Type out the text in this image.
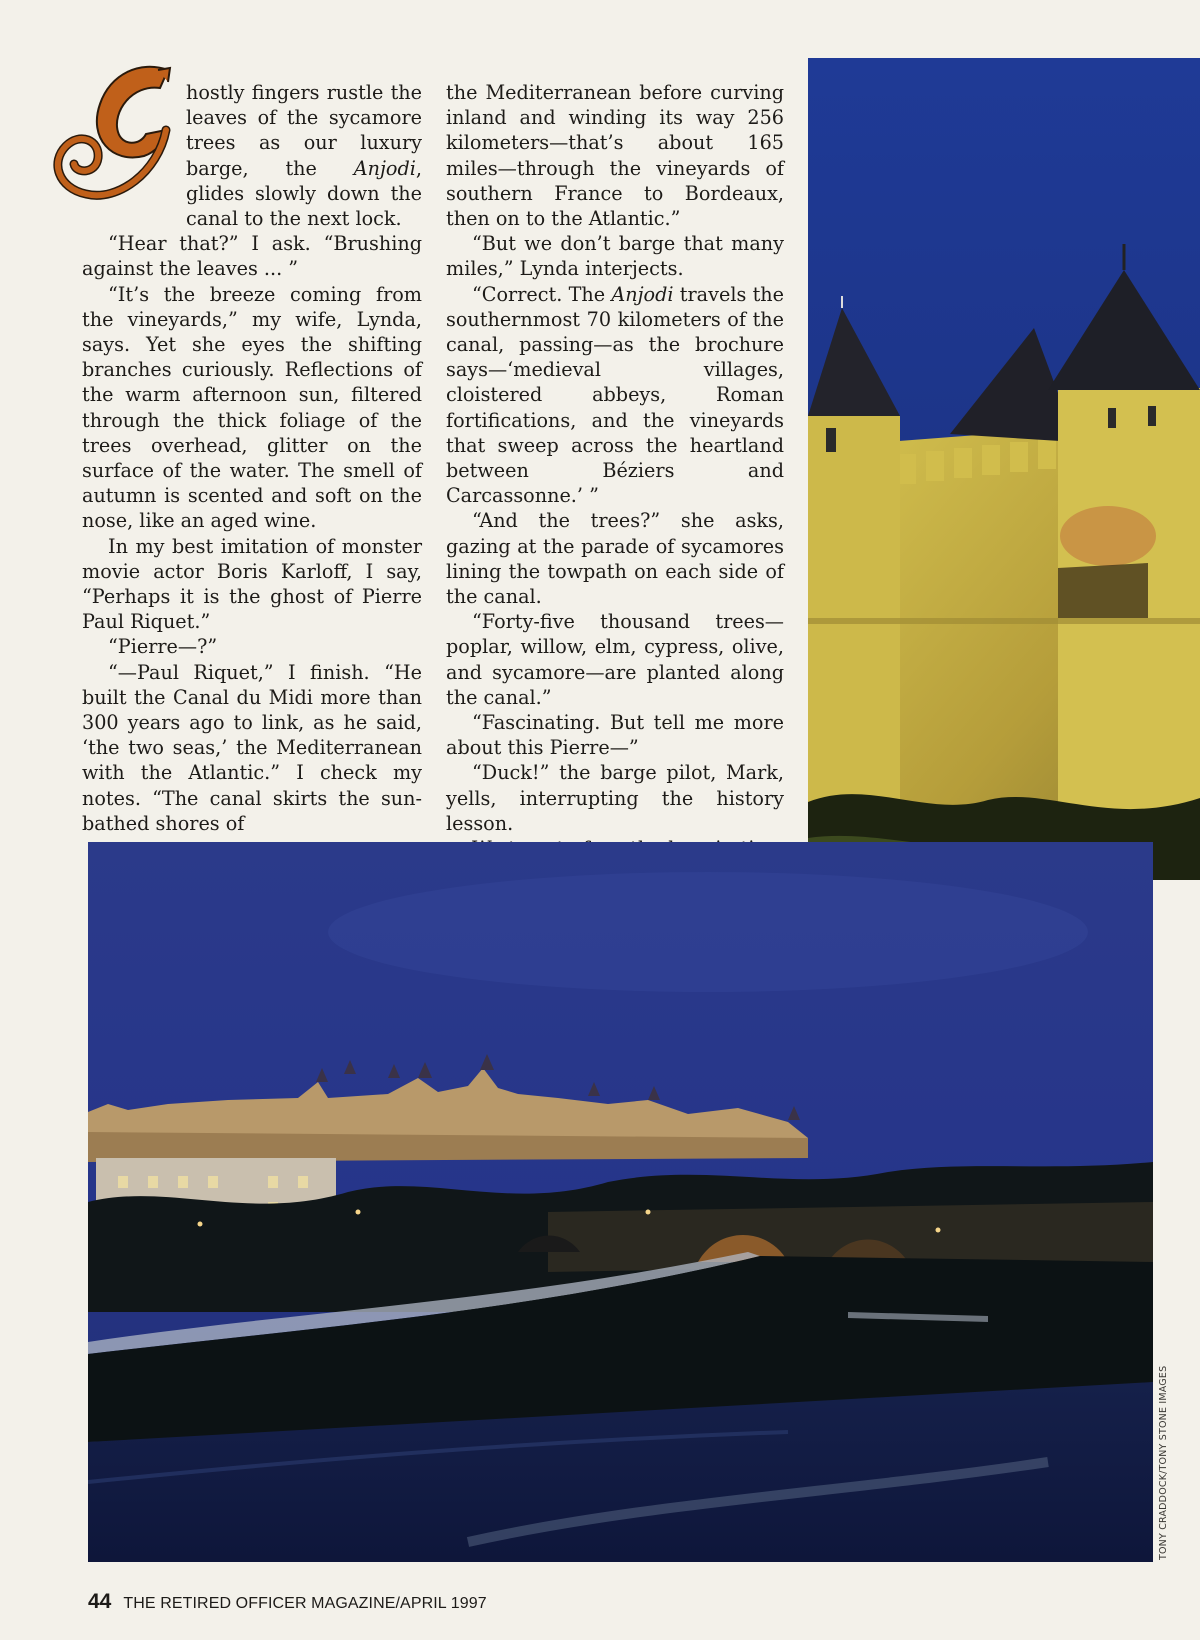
hostly fingers rustle the leaves of the sycamore trees as our luxury barge, the Anjodi, glides slowly down the canal to the next lock.

“Hear that?” I ask. “Brushing against the leaves ... ”

“It’s the breeze coming from the vineyards,” my wife, Lynda, says. Yet she eyes the shifting branches curiously. Reflections of the warm afternoon sun, filtered through the thick foliage of the trees overhead, glitter on the surface of the water. The smell of autumn is scented and soft on the nose, like an aged wine.

In my best imitation of monster movie actor Boris Karloff, I say, “Perhaps it is the ghost of Pierre Paul Riquet.”

“Pierre—?”

“—Paul Riquet,” I finish. “He built the Canal du Midi more than 300 years ago to link, as he said, ‘the two seas,’ the Mediterranean with the Atlantic.” I check my notes. “The canal skirts the sun-bathed shores of

the Mediterranean before curving inland and winding its way 256 kilometers—that’s about 165 miles—through the vineyards of southern France to Bordeaux, then on to the Atlantic.”

“But we don’t barge that many miles,” Lynda interjects.

“Correct. The Anjodi travels the southernmost 70 kilometers of the canal, passing—as the brochure says—‘medieval villages, cloistered abbeys, Roman fortifications, and the vineyards that sweep across the heartland between Béziers and Carcassonne.’ ”

“And the trees?” she asks, gazing at the parade of sycamores lining the towpath on each side of the canal.

“Forty-five thousand trees—poplar, willow, elm, cypress, olive, and sycamore—are planted along the canal.”

“Fascinating. But tell me more about this Pierre—”

“Duck!” the barge pilot, Mark, yells, interrupting the history lesson.

TONY CRADDOCK/TONY STONE IMAGES
44 THE RETIRED OFFICER MAGAZINE/APRIL 1997
